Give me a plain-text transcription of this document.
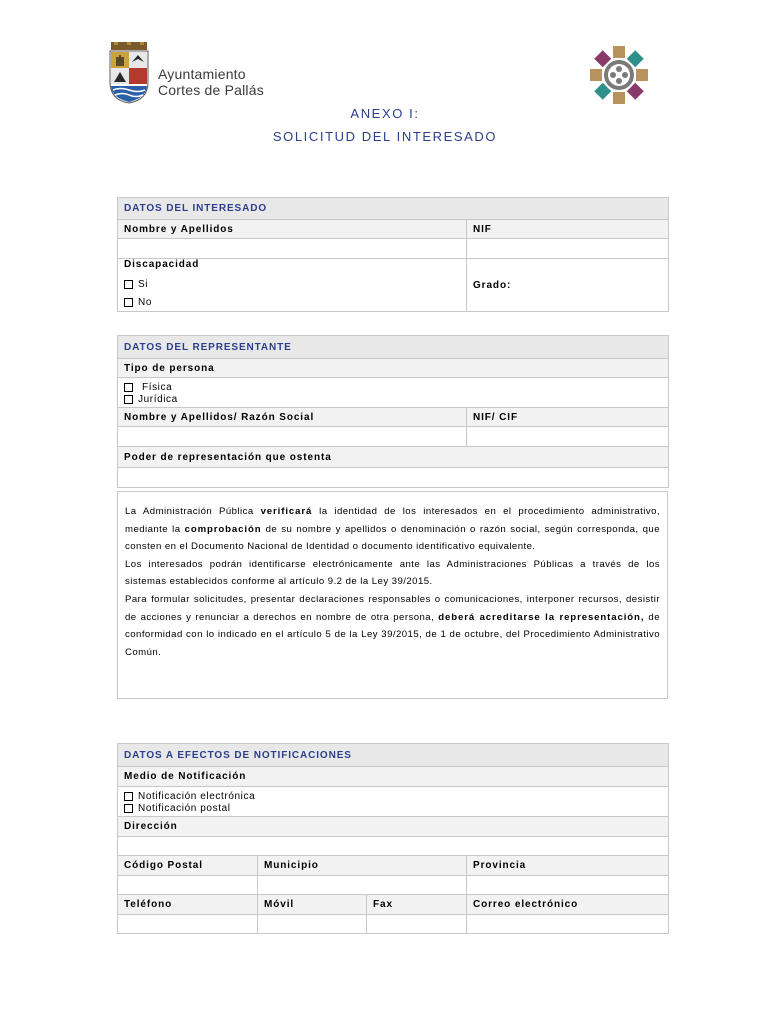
Ayuntamiento
Cortes de Pallás
ANEXO I:
SOLICITUD DEL INTERESADO
DATOS DEL INTERESADO	
Nombre y Apellidos	NIF

Discapacidad
Si
No	Grado:
DATOS DEL REPRESENTANTE	
Tipo de persona	

Física
Jurídica	

Nombre y Apellidos/ Razón Social	NIF/ CIF

Poder de representación que ostenta	

La Administración Pública verificará la identidad de los interesados en el procedimiento administrativo, mediante la comprobación de su nombre y apellidos o denominación o razón social, según corresponda, que consten en el Documento Nacional de Identidad o documento identificativo equivalente.

Los interesados podrán identificarse electrónicamente ante las Administraciones Públicas a través de los sistemas establecidos conforme al artículo 9.2 de la Ley 39/2015.

Para formular solicitudes, presentar declaraciones responsables o comunicaciones, interponer recursos, desistir de acciones y renunciar a derechos en nombre de otra persona, deberá acreditarse la representación, de conformidad con lo indicado en el artículo 5 de la Ley 39/2015, de 1 de octubre, del Procedimiento Administrativo Común.

DATOS A EFECTOS DE NOTIFICACIONES			
Medio de Notificación			

Notificación electrónica
Notificación postal			

Dirección			

Código Postal	Municipio		Provincia

Teléfono	Móvil	Fax	Correo electrónico
